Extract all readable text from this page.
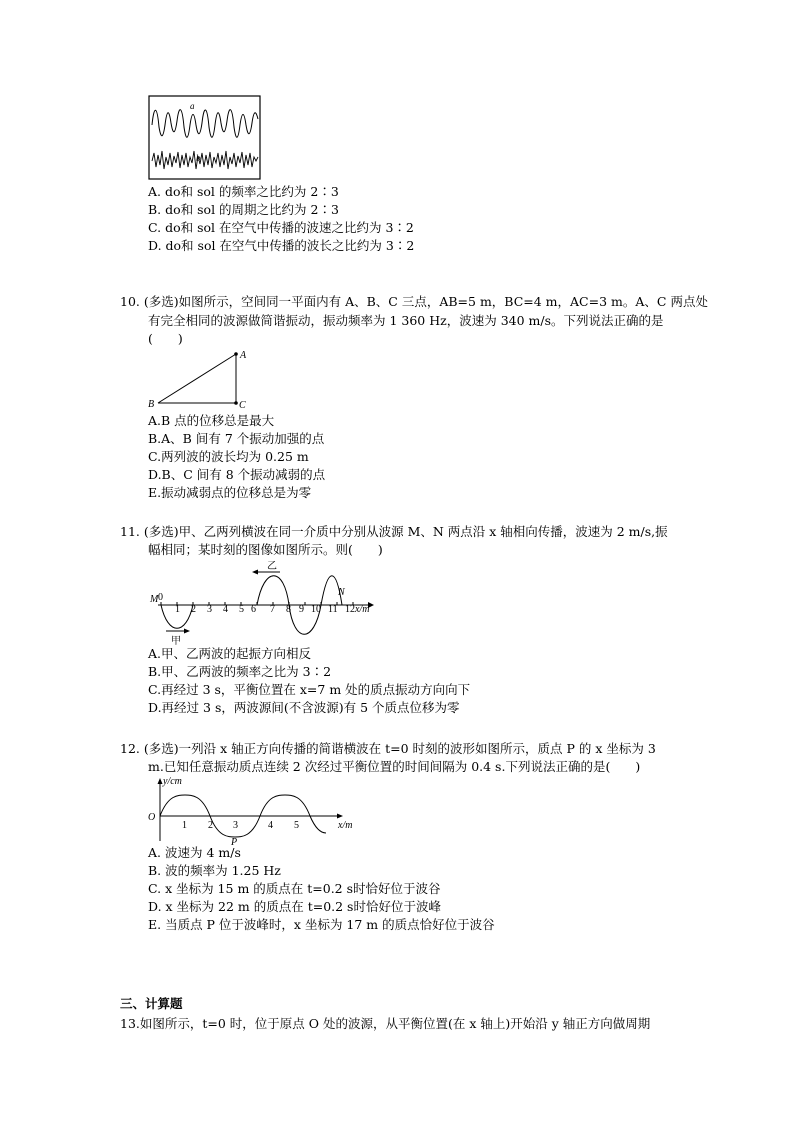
a
b
A. do和 sol 的频率之比约为 2∶3
B. do和 sol 的周期之比约为 2∶3
C. do和 sol 在空气中传播的波速之比约为 3∶2
D. do和 sol 在空气中传播的波长之比约为 3∶2
10. (多选)如图所示，空间同一平面内有 A、B、C 三点，AB=5 m，BC=4 m，AC=3 m。A、C 两点处
有完全相同的波源做简谐振动，振动频率为 1 360 Hz，波速为 340 m/s。下列说法正确的是
(　　)
A
B	C
A.B 点的位移总是最大
B.A、B 间有 7 个振动加强的点
C.两列波的波长均为 0.25 m
D.B、C 间有 8 个振动减弱的点
E.振动减弱点的位移总是为零
11. (多选)甲、乙两列横波在同一介质中分别从波源 M、N 两点沿 x 轴相向传播，波速为 2 m/s,振
幅相同；某时刻的图像如图所示。则(　　)
0
1 2 3 4 5 6 7 8 9 10 11 12 x/m
M
N
乙
甲
A.甲、乙两波的起振方向相反
B.甲、乙两波的频率之比为 3∶2
C.再经过 3 s，平衡位置在 x=7 m 处的质点振动方向向下
D.再经过 3 s，两波源间(不含波源)有 5 个质点位移为零
12. (多选)一列沿 x 轴正方向传播的简谐横波在 t=0 时刻的波形如图所示，质点 P 的 x 坐标为 3
m.已知任意振动质点连续 2 次经过平衡位置的时间间隔为 0.4 s.下列说法正确的是(　　)
y/cm
O
1 2 3	4 5
P
x/m
A. 波速为 4 m/s
B. 波的频率为 1.25 Hz
C. x 坐标为 15 m 的质点在 t=0.2 s时恰好位于波谷
D. x 坐标为 22 m 的质点在 t=0.2 s时恰好位于波峰
E. 当质点 P 位于波峰时，x 坐标为 17 m 的质点恰好位于波谷
三、计算题
13.如图所示，t=0 时，位于原点 O 处的波源，从平衡位置(在 x 轴上)开始沿 y 轴正方向做周期
